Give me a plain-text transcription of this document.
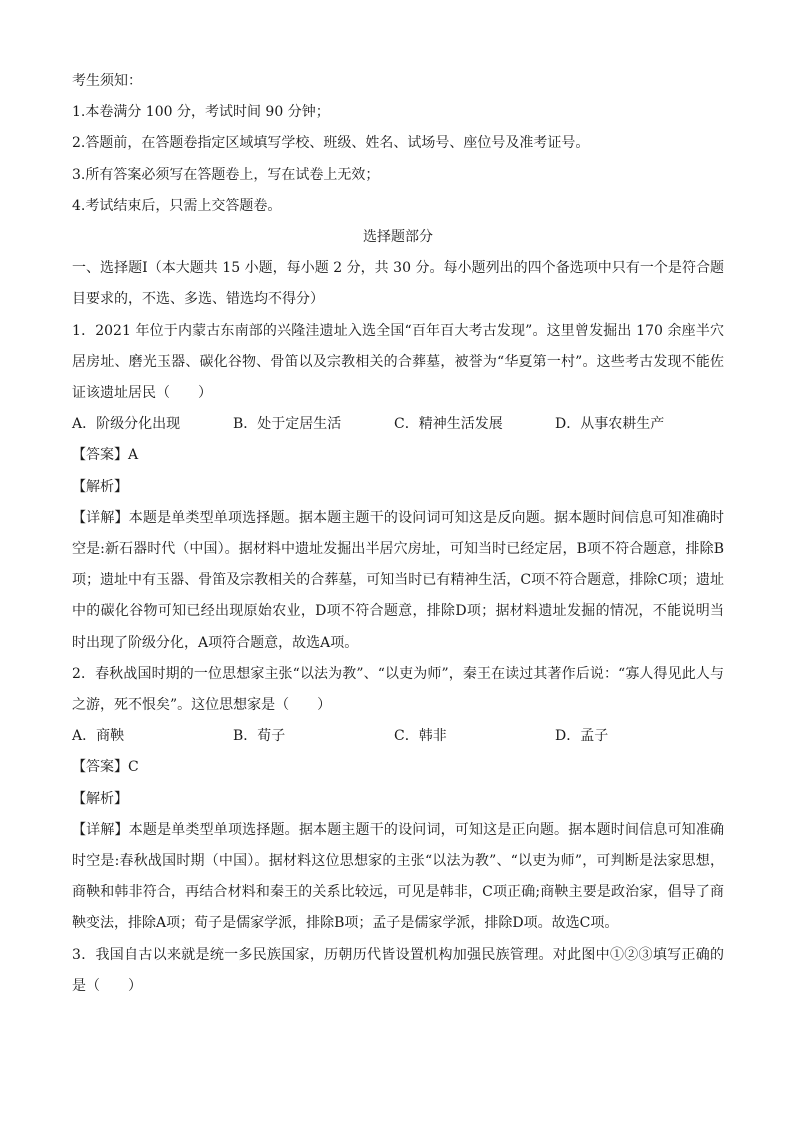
考生须知：
1.本卷满分 100 分，考试时间 90 分钟；
2.答题前，在答题卷指定区域填写学校、班级、姓名、试场号、座位号及准考证号。
3.所有答案必须写在答题卷上，写在试卷上无效；
4.考试结束后，只需上交答题卷。
选择题部分
一、选择题Ⅰ（本大题共 15 小题，每小题 2 分，共 30 分。每小题列出的四个备选项中只有一个是符合题目要求的，不选、多选、错选均不得分）
1．2021 年位于内蒙古东南部的兴隆洼遗址入选全国“百年百大考古发现”。这里曾发掘出 170 余座半穴居房址、磨光玉器、碳化谷物、骨笛以及宗教相关的合葬墓，被誉为“华夏第一村”。这些考古发现不能佐证该遗址居民（　　）
A．阶级分化出现	B．处于定居生活	C．精神生活发展	D．从事农耕生产
【答案】A
【解析】
【详解】本题是单类型单项选择题。据本题主题干的设问词可知这是反向题。据本题时间信息可知准确时空是:新石器时代（中国）。据材料中遗址发掘出半居穴房址，可知当时已经定居，B项不符合题意，排除B项；遗址中有玉器、骨笛及宗教相关的合葬墓，可知当时已有精神生活，C项不符合题意，排除C项；遗址中的碳化谷物可知已经出现原始农业，D项不符合题意，排除D项；据材料遗址发掘的情况，不能说明当时出现了阶级分化，A项符合题意，故选A项。
2．春秋战国时期的一位思想家主张“以法为教”、“以吏为师”，秦王在读过其著作后说：“寡人得见此人与之游，死不恨矣”。这位思想家是（　　）
A．商鞅	B．荀子	C．韩非	D．孟子
【答案】C
【解析】
【详解】本题是单类型单项选择题。据本题主题干的设问词，可知这是正向题。据本题时间信息可知准确时空是:春秋战国时期（中国）。据材料这位思想家的主张“以法为教”、“以吏为师”，可判断是法家思想，商鞅和韩非符合，再结合材料和秦王的关系比较远，可见是韩非，C项正确;商鞅主要是政治家，倡导了商鞅变法，排除A项；荀子是儒家学派，排除B项；孟子是儒家学派，排除D项。故选C项。
3．我国自古以来就是统一多民族国家，历朝历代皆设置机构加强民族管理。对此图中①②③填写正确的是（　　）
